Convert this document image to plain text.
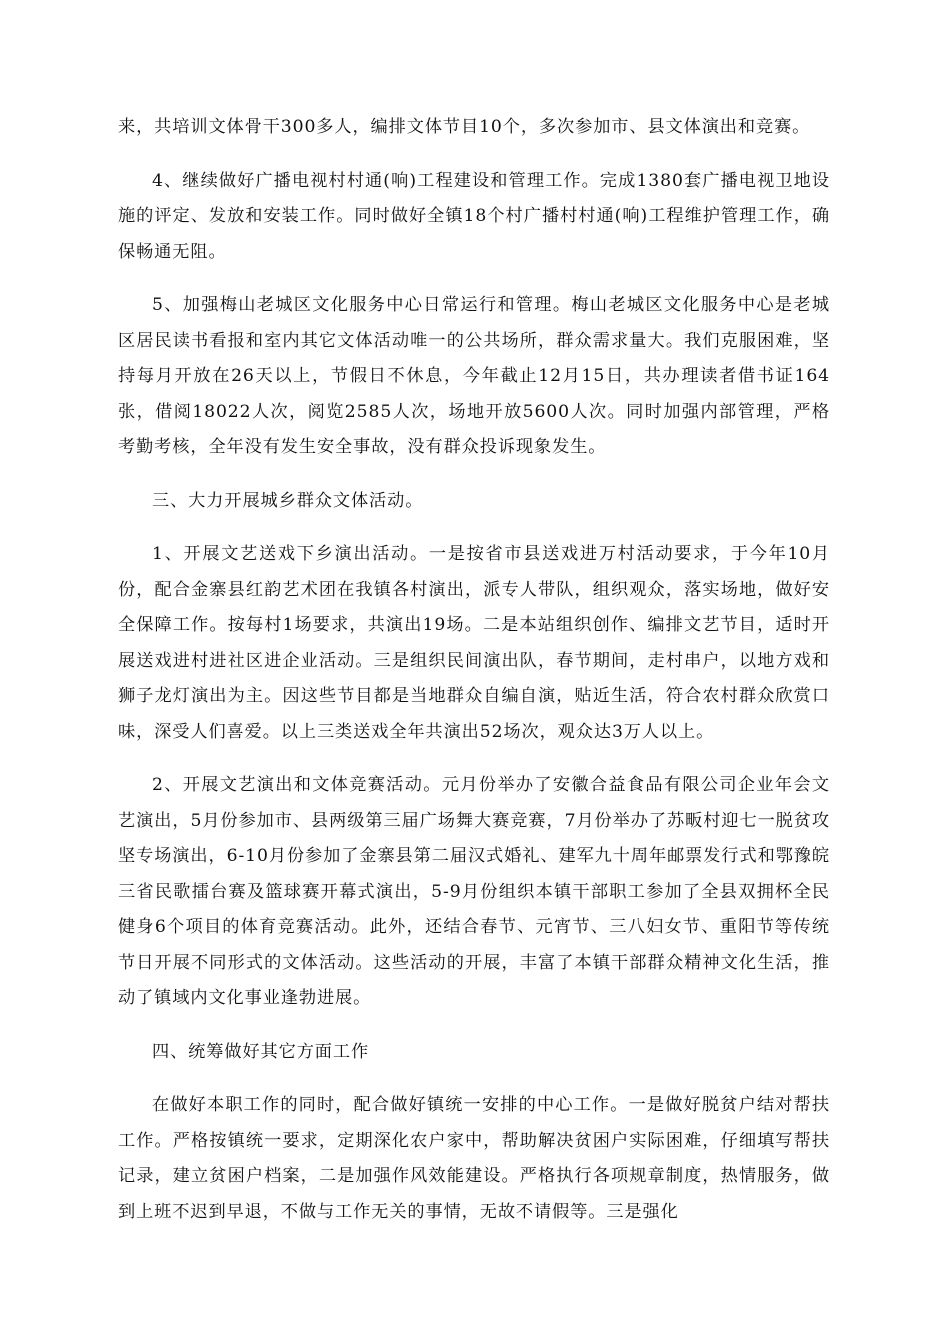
来，共培训文体骨干300多人，编排文体节目10个，多次参加市、县文体演出和竞赛。

4、继续做好广播电视村村通(响)工程建设和管理工作。完成1380套广播电视卫地设施的评定、发放和安装工作。同时做好全镇18个村广播村村通(响)工程维护管理工作，确保畅通无阻。

5、加强梅山老城区文化服务中心日常运行和管理。梅山老城区文化服务中心是老城区居民读书看报和室内其它文体活动唯一的公共场所，群众需求量大。我们克服困难，坚持每月开放在26天以上，节假日不休息，今年截止12月15日，共办理读者借书证164张，借阅18022人次，阅览2585人次，场地开放5600人次。同时加强内部管理，严格考勤考核，全年没有发生安全事故，没有群众投诉现象发生。

三、大力开展城乡群众文体活动。

1、开展文艺送戏下乡演出活动。一是按省市县送戏进万村活动要求，于今年10月份，配合金寨县红韵艺术团在我镇各村演出，派专人带队，组织观众，落实场地，做好安全保障工作。按每村1场要求，共演出19场。二是本站组织创作、编排文艺节目，适时开展送戏进村进社区进企业活动。三是组织民间演出队，春节期间，走村串户，以地方戏和狮子龙灯演出为主。因这些节目都是当地群众自编自演，贴近生活，符合农村群众欣赏口味，深受人们喜爱。以上三类送戏全年共演出52场次，观众达3万人以上。

2、开展文艺演出和文体竞赛活动。元月份举办了安徽合益食品有限公司企业年会文艺演出，5月份参加市、县两级第三届广场舞大赛竞赛，7月份举办了苏畈村迎七一脱贫攻坚专场演出，6-10月份参加了金寨县第二届汉式婚礼、建军九十周年邮票发行式和鄂豫皖三省民歌擂台赛及篮球赛开幕式演出，5-9月份组织本镇干部职工参加了全县双拥杯全民健身6个项目的体育竞赛活动。此外，还结合春节、元宵节、三八妇女节、重阳节等传统节日开展不同形式的文体活动。这些活动的开展，丰富了本镇干部群众精神文化生活，推动了镇域内文化事业逢勃进展。

四、统筹做好其它方面工作

在做好本职工作的同时，配合做好镇统一安排的中心工作。一是做好脱贫户结对帮扶工作。严格按镇统一要求，定期深化农户家中，帮助解决贫困户实际困难，仔细填写帮扶记录，建立贫困户档案，二是加强作风效能建设。严格执行各项规章制度，热情服务，做到上班不迟到早退，不做与工作无关的事情，无故不请假等。三是强化
